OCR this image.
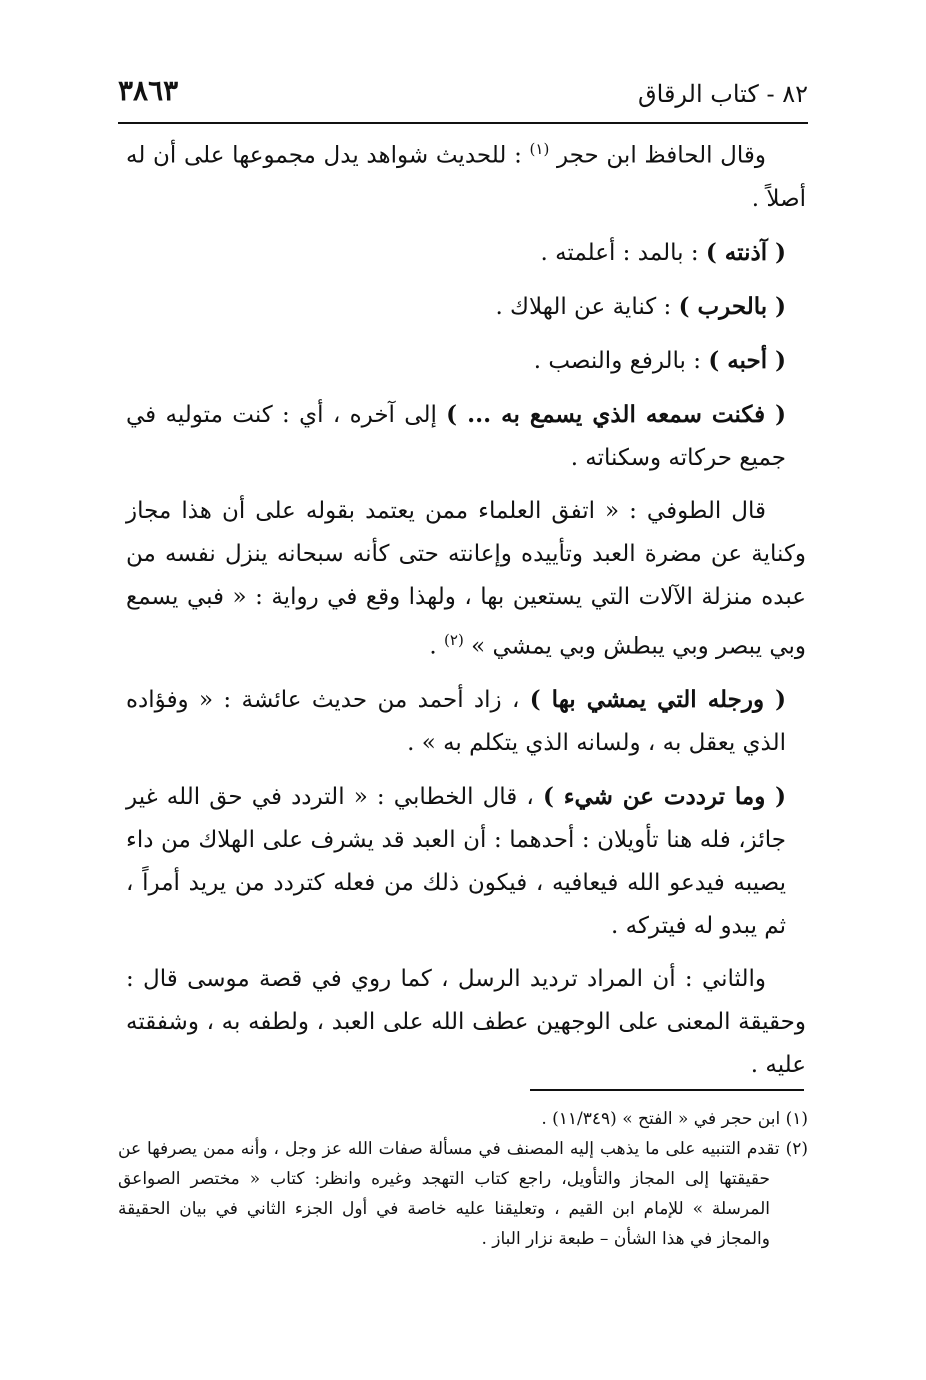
٨٢ - كتاب الرقاق
٣٨٦٣

وقال الحافظ ابن حجر $^{(١)}$ : للحديث شواهد يدل مجموعها على أن له أصلاً .

( آذنته ) : بالمد : أعلمته .

( بالحرب ) : كناية عن الهلاك .

( أحبه ) : بالرفع والنصب .

( فكنت سمعه الذي يسمع به ... ) إلى آخره ، أي : كنت متوليه في جميع حركاته وسكناته .

قال الطوفي : « اتفق العلماء ممن يعتمد بقوله على أن هذا مجاز وكناية عن مضرة العبد وتأييده وإعانته حتى كأنه سبحانه ينزل نفسه من عبده منزلة الآلات التي يستعين بها ، ولهذا وقع في رواية : « فبي يسمع وبي يبصر وبي يبطش وبي يمشي » $^{(٢)}$ .

( ورجله التي يمشي بها ) ، زاد أحمد من حديث عائشة : « وفؤاده الذي يعقل به ، ولسانه الذي يتكلم به » .

( وما ترددت عن شيء ) ، قال الخطابي : « التردد في حق الله غير جائز، فله هنا تأويلان : أحدهما : أن العبد قد يشرف على الهلاك من داء يصيبه فيدعو الله فيعافيه ، فيكون ذلك من فعله كتردد من يريد أمراً ، ثم يبدو له فيتركه .

والثاني : أن المراد ترديد الرسل ، كما روي في قصة موسى قال : وحقيقة المعنى على الوجهين عطف الله على العبد ، ولطفه به ، وشفقته عليه .

(١) ابن حجر في « الفتح » (١١/٣٤٩) .

(٢) تقدم التنبيه على ما يذهب إليه المصنف في مسألة صفات الله عز وجل ، وأنه ممن يصرفها عن حقيقتها إلى المجاز والتأويل، راجع كتاب التهجد وغيره وانظر: كتاب « مختصر الصواعق المرسلة » للإمام ابن القيم ، وتعليقنا عليه خاصة في أول الجزء الثاني في بيان الحقيقة والمجاز في هذا الشأن – طبعة نزار الباز .
